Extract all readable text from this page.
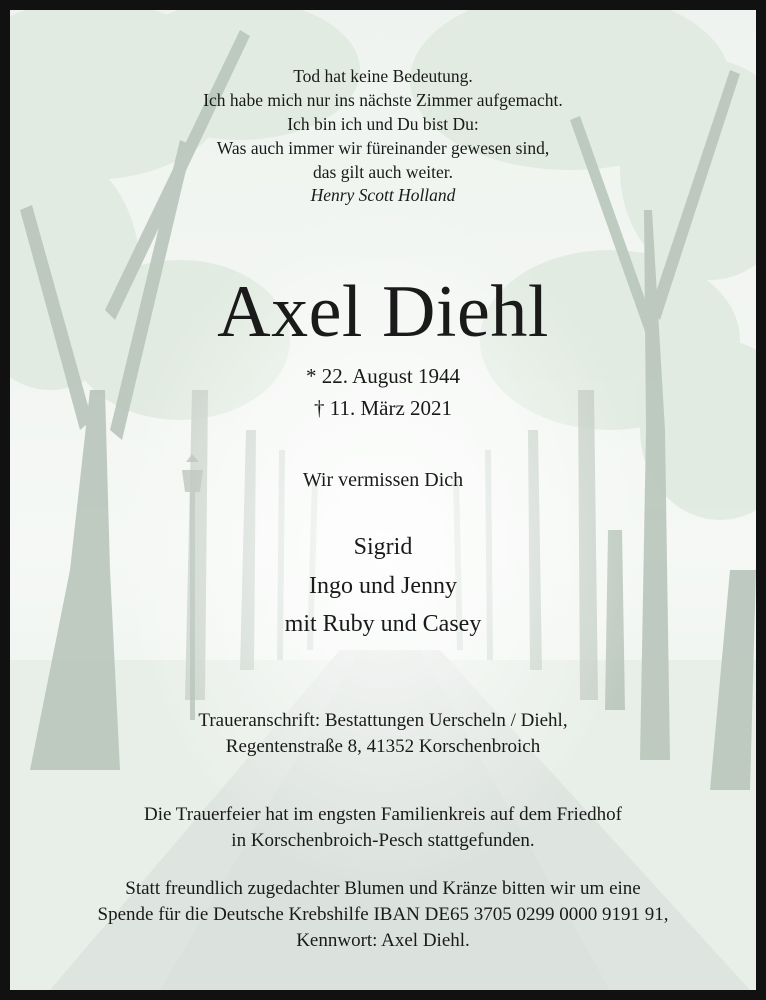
Tod hat keine Bedeutung.
Ich habe mich nur ins nächste Zimmer aufgemacht.
Ich bin ich und Du bist Du:
Was auch immer wir füreinander gewesen sind,
das gilt auch weiter.
Henry Scott Holland
Axel Diehl
* 22. August 1944
† 11. März 2021
Wir vermissen Dich
Sigrid
Ingo und Jenny
mit Ruby und Casey
Traueranschrift: Bestattungen Uerscheln / Diehl,
Regentenstraße 8, 41352 Korschenbroich
Die Trauerfeier hat im engsten Familienkreis auf dem Friedhof
in Korschenbroich-Pesch stattgefunden.
Statt freundlich zugedachter Blumen und Kränze bitten wir um eine
Spende für die Deutsche Krebshilfe IBAN DE65 3705 0299 0000 9191 91,
Kennwort: Axel Diehl.
